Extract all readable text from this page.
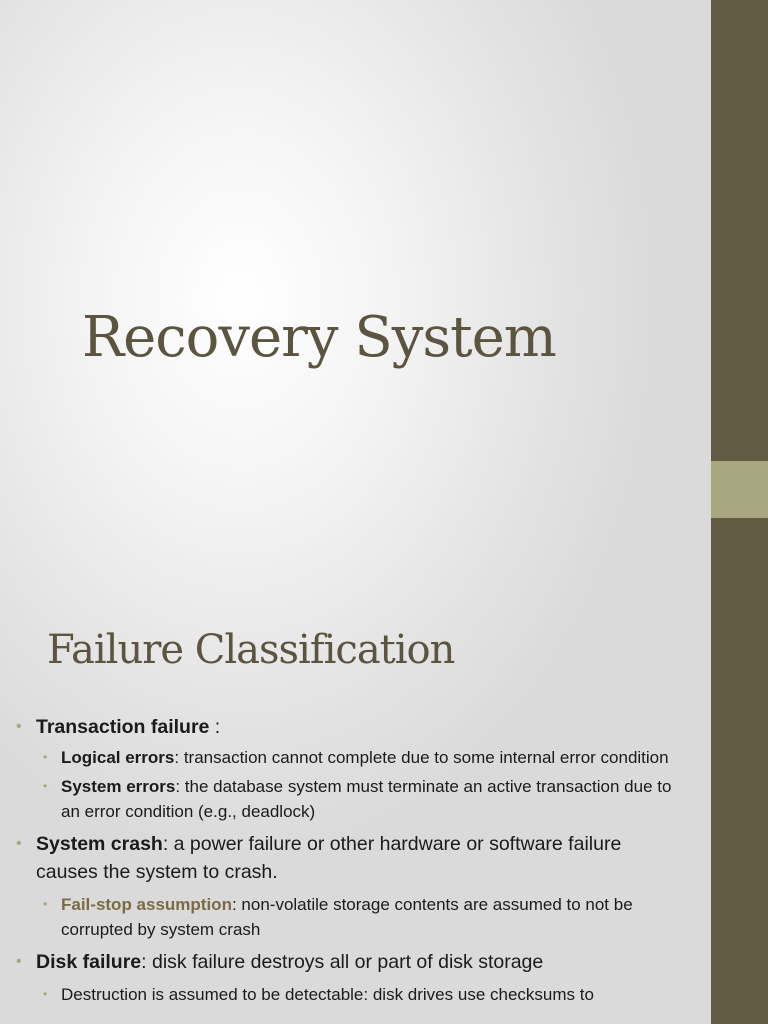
Recovery System
Failure Classification
• Transaction failure :
• Logical errors: transaction cannot complete due to some internal error condition
• System errors: the database system must terminate an active transaction due to an error condition (e.g., deadlock)
• System crash: a power failure or other hardware or software failure causes the system to crash.
• Fail-stop assumption: non-volatile storage contents are assumed to not be corrupted by system crash
• Disk failure: disk failure destroys all or part of disk storage
• Destruction is assumed to be detectable: disk drives use checksums to
